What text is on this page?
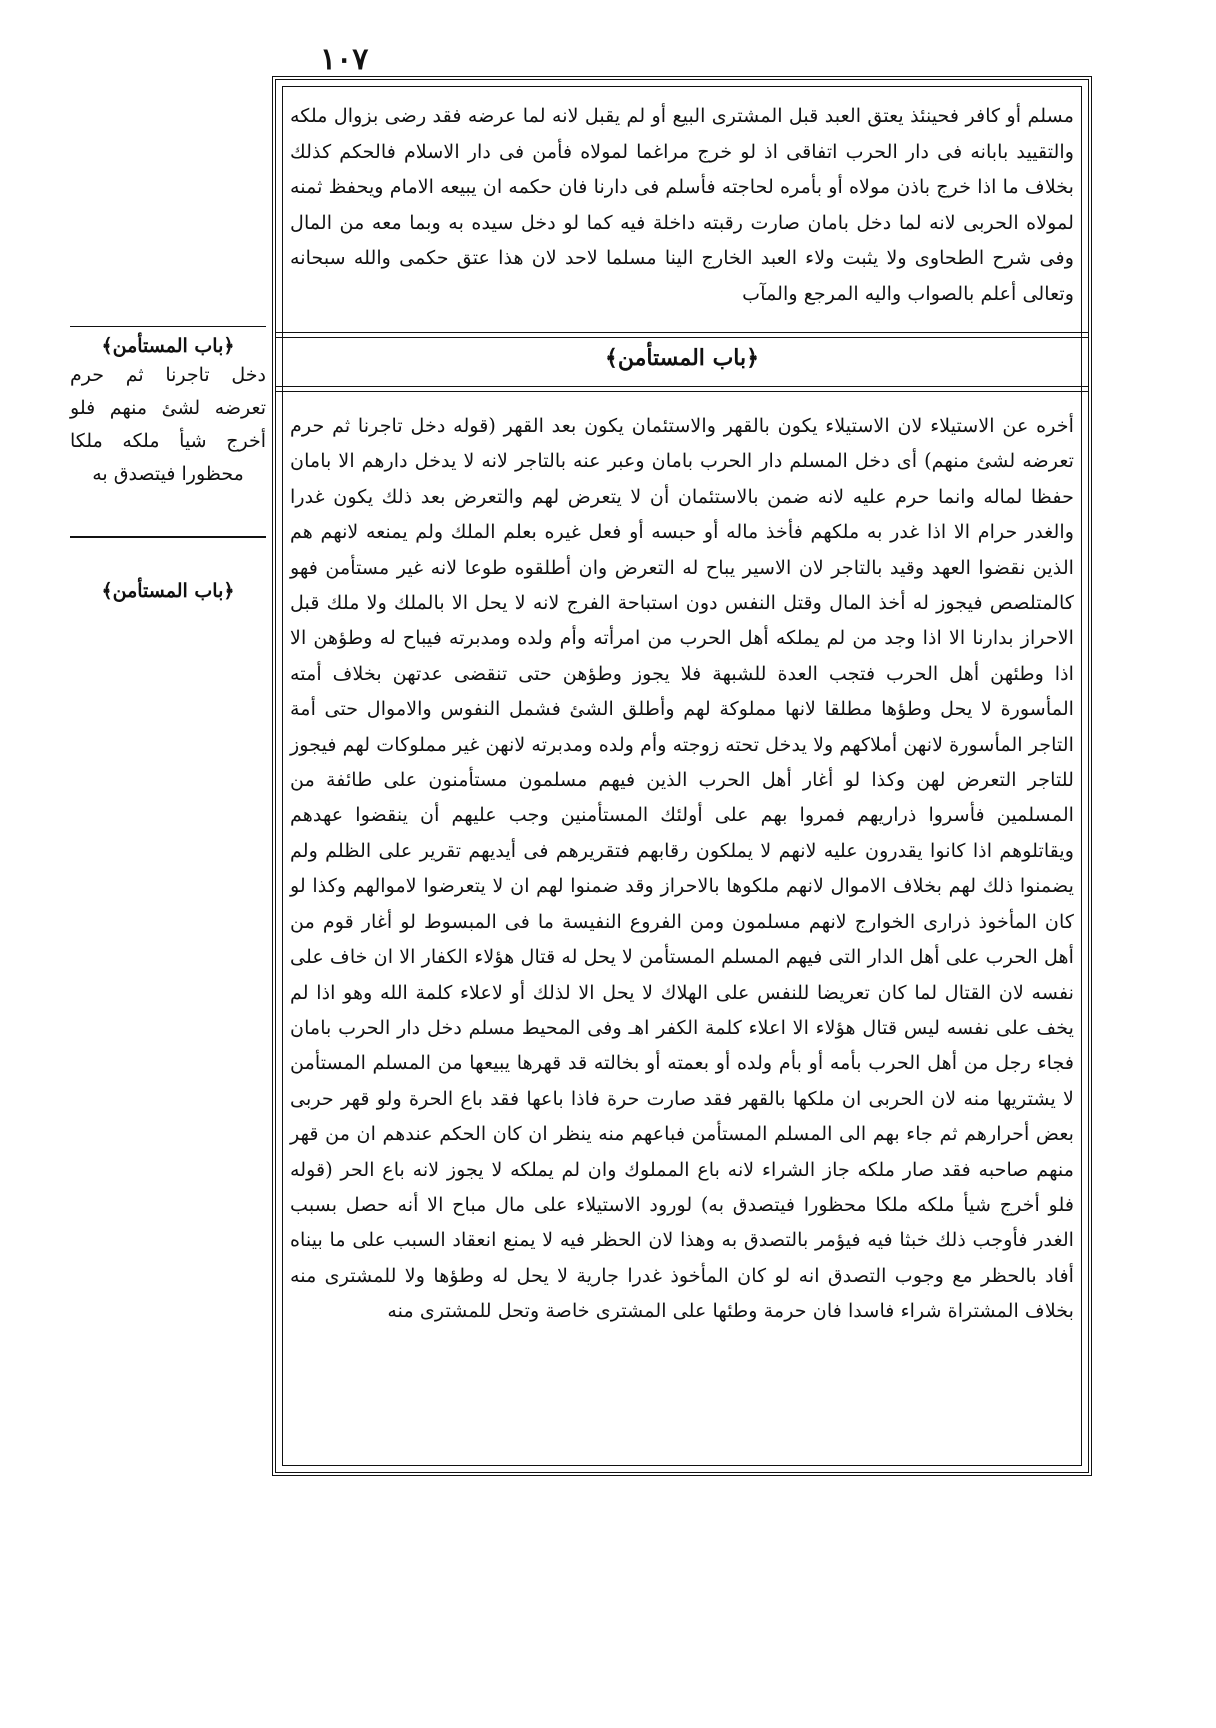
١٠٧

مسلم أو كافر فحينئذ يعتق العبد قبل المشترى البيع أو لم يقبل لانه لما عرضه فقد رضى بزوال ملكه والتقييد بابانه فى دار الحرب اتفاقى اذ لو خرج مراغما لمولاه فأمن فى دار الاسلام فالحكم كذلك بخلاف ما اذا خرج باذن مولاه أو بأمره لحاجته فأسلم فى دارنا فان حكمه ان يبيعه الامام ويحفظ ثمنه لمولاه الحربى لانه لما دخل بامان صارت رقبته داخلة فيه كما لو دخل سيده به وبما معه من المال وفى شرح الطحاوى ولا يثبت ولاء العبد الخارج الينا مسلما لاحد لان هذا عتق حكمى والله سبحانه وتعالى أعلم بالصواب واليه المرجع والمآب

﴿باب المستأمن﴾

أخره عن الاستيلاء لان الاستيلاء يكون بالقهر والاستئمان يكون بعد القهر (قوله دخل تاجرنا ثم حرم تعرضه لشئ منهم) أى دخل المسلم دار الحرب بامان وعبر عنه بالتاجر لانه لا يدخل دارهم الا بامان حفظا لماله وانما حرم عليه لانه ضمن بالاستئمان أن لا يتعرض لهم والتعرض بعد ذلك يكون غدرا والغدر حرام الا اذا غدر به ملكهم فأخذ ماله أو حبسه أو فعل غيره بعلم الملك ولم يمنعه لانهم هم الذين نقضوا العهد وقيد بالتاجر لان الاسير يباح له التعرض وان أطلقوه طوعا لانه غير مستأمن فهو كالمتلصص فيجوز له أخذ المال وقتل النفس دون استباحة الفرج لانه لا يحل الا بالملك ولا ملك قبل الاحراز بدارنا الا اذا وجد من لم يملكه أهل الحرب من امرأته وأم ولده ومدبرته فيباح له وطؤهن الا اذا وطئهن أهل الحرب فتجب العدة للشبهة فلا يجوز وطؤهن حتى تنقضى عدتهن بخلاف أمته المأسورة لا يحل وطؤها مطلقا لانها مملوكة لهم وأطلق الشئ فشمل النفوس والاموال حتى أمة التاجر المأسورة لانهن أملاكهم ولا يدخل تحته زوجته وأم ولده ومدبرته لانهن غير مملوكات لهم فيجوز للتاجر التعرض لهن وكذا لو أغار أهل الحرب الذين فيهم مسلمون مستأمنون على طائفة من المسلمين فأسروا ذراريهم فمروا بهم على أولئك المستأمنين وجب عليهم أن ينقضوا عهدهم ويقاتلوهم اذا كانوا يقدرون عليه لانهم لا يملكون رقابهم فتقريرهم فى أيديهم تقرير على الظلم ولم يضمنوا ذلك لهم بخلاف الاموال لانهم ملكوها بالاحراز وقد ضمنوا لهم ان لا يتعرضوا لاموالهم وكذا لو كان المأخوذ ذرارى الخوارج لانهم مسلمون ومن الفروع النفيسة ما فى المبسوط لو أغار قوم من أهل الحرب على أهل الدار التى فيهم المسلم المستأمن لا يحل له قتال هؤلاء الكفار الا ان خاف على نفسه لان القتال لما كان تعريضا للنفس على الهلاك لا يحل الا لذلك أو لاعلاء كلمة الله وهو اذا لم يخف على نفسه ليس قتال هؤلاء الا اعلاء كلمة الكفر اهـ وفى المحيط مسلم دخل دار الحرب بامان فجاء رجل من أهل الحرب بأمه أو بأم ولده أو بعمته أو بخالته قد قهرها يبيعها من المسلم المستأمن لا يشتريها منه لان الحربى ان ملكها بالقهر فقد صارت حرة فاذا باعها فقد باع الحرة ولو قهر حربى بعض أحرارهم ثم جاء بهم الى المسلم المستأمن فباعهم منه ينظر ان كان الحكم عندهم ان من قهر منهم صاحبه فقد صار ملكه جاز الشراء لانه باع المملوك وان لم يملكه لا يجوز لانه باع الحر (قوله فلو أخرج شيأ ملكه ملكا محظورا فيتصدق به) لورود الاستيلاء على مال مباح الا أنه حصل بسبب الغدر فأوجب ذلك خبثا فيه فيؤمر بالتصدق به وهذا لان الحظر فيه لا يمنع انعقاد السبب على ما بيناه أفاد بالحظر مع وجوب التصدق انه لو كان المأخوذ غدرا جارية لا يحل له وطؤها ولا للمشترى منه بخلاف المشتراة شراء فاسدا فان حرمة وطئها على المشترى خاصة وتحل للمشترى منه

﴿باب المستأمن﴾
دخل تاجرنا ثم حرم تعرضه لشئ منهم فلو أخرج شيأ ملكه ملكا محظورا فيتصدق به
﴿باب المستأمن﴾
